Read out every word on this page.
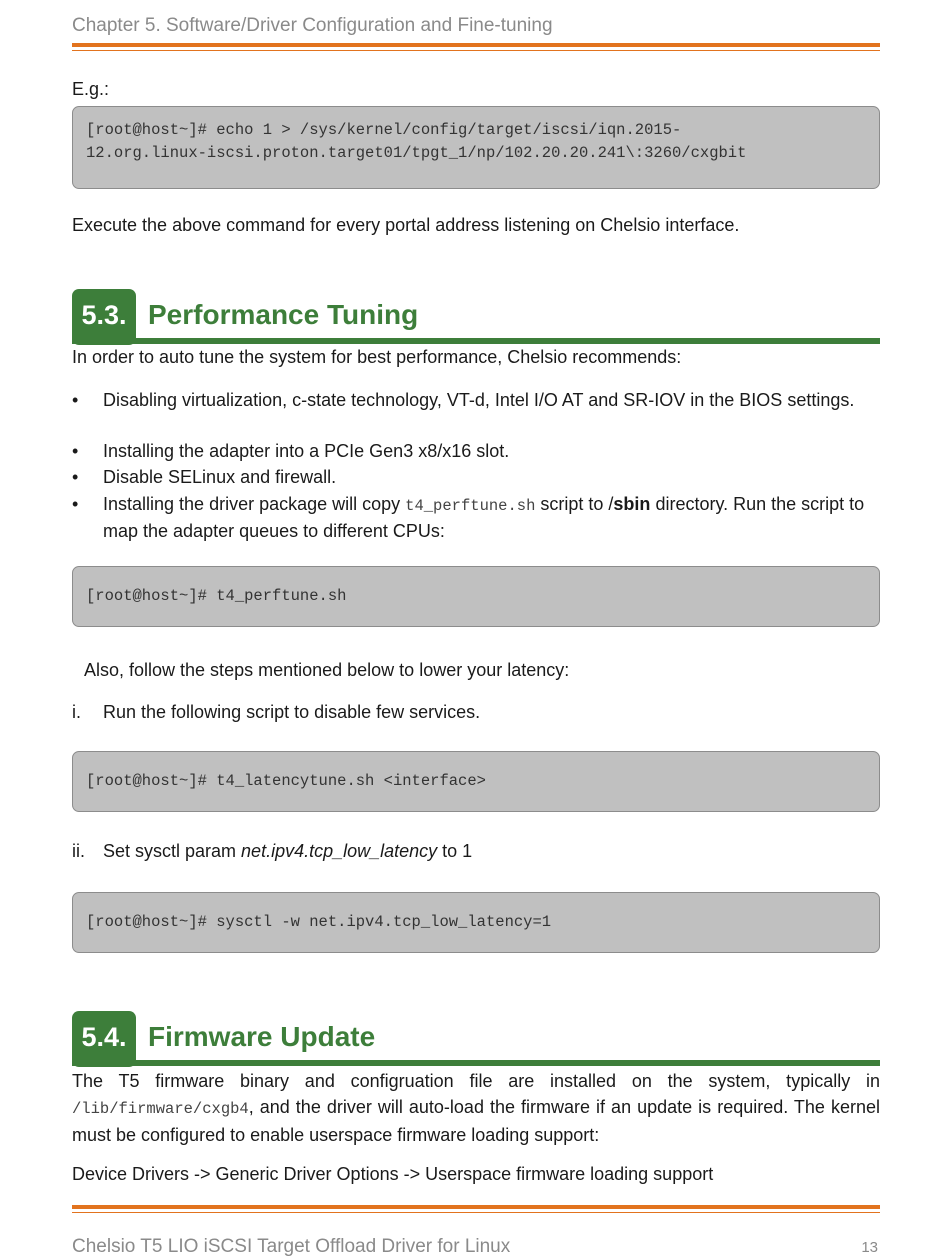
Chapter 5. Software/Driver Configuration and Fine-tuning
E.g.:
[root@host~]# echo 1 > /sys/kernel/config/target/iscsi/iqn.2015-
12.org.linux-iscsi.proton.target01/tpgt_1/np/102.20.20.241\:3260/cxgbit
Execute the above command for every portal address listening on Chelsio interface.
5.3. Performance Tuning
In order to auto tune the system for best performance, Chelsio recommends:
•	Disabling virtualization, c-state technology, VT-d, Intel I/O AT and SR-IOV in the BIOS settings.
•	Installing the adapter into a PCIe Gen3 x8/x16 slot.
•	Disable SELinux and firewall.
•	Installing the driver package will copy t4_perftune.sh script to /sbin directory. Run the script to map the adapter queues to different CPUs:
[root@host~]# t4_perftune.sh
Also, follow the steps mentioned below to lower your latency:
i.	Run the following script to disable few services.
[root@host~]# t4_latencytune.sh <interface>
ii.	Set sysctl param net.ipv4.tcp_low_latency to 1
[root@host~]# sysctl -w net.ipv4.tcp_low_latency=1
5.4. Firmware Update
The T5 firmware binary and configruation file are installed on the system, typically in /lib/firmware/cxgb4, and the driver will auto-load the firmware if an update is required. The kernel must be configured to enable userspace firmware loading support:
Device Drivers -> Generic Driver Options -> Userspace firmware loading support
Chelsio T5 LIO iSCSI Target Offload Driver for Linux	13
